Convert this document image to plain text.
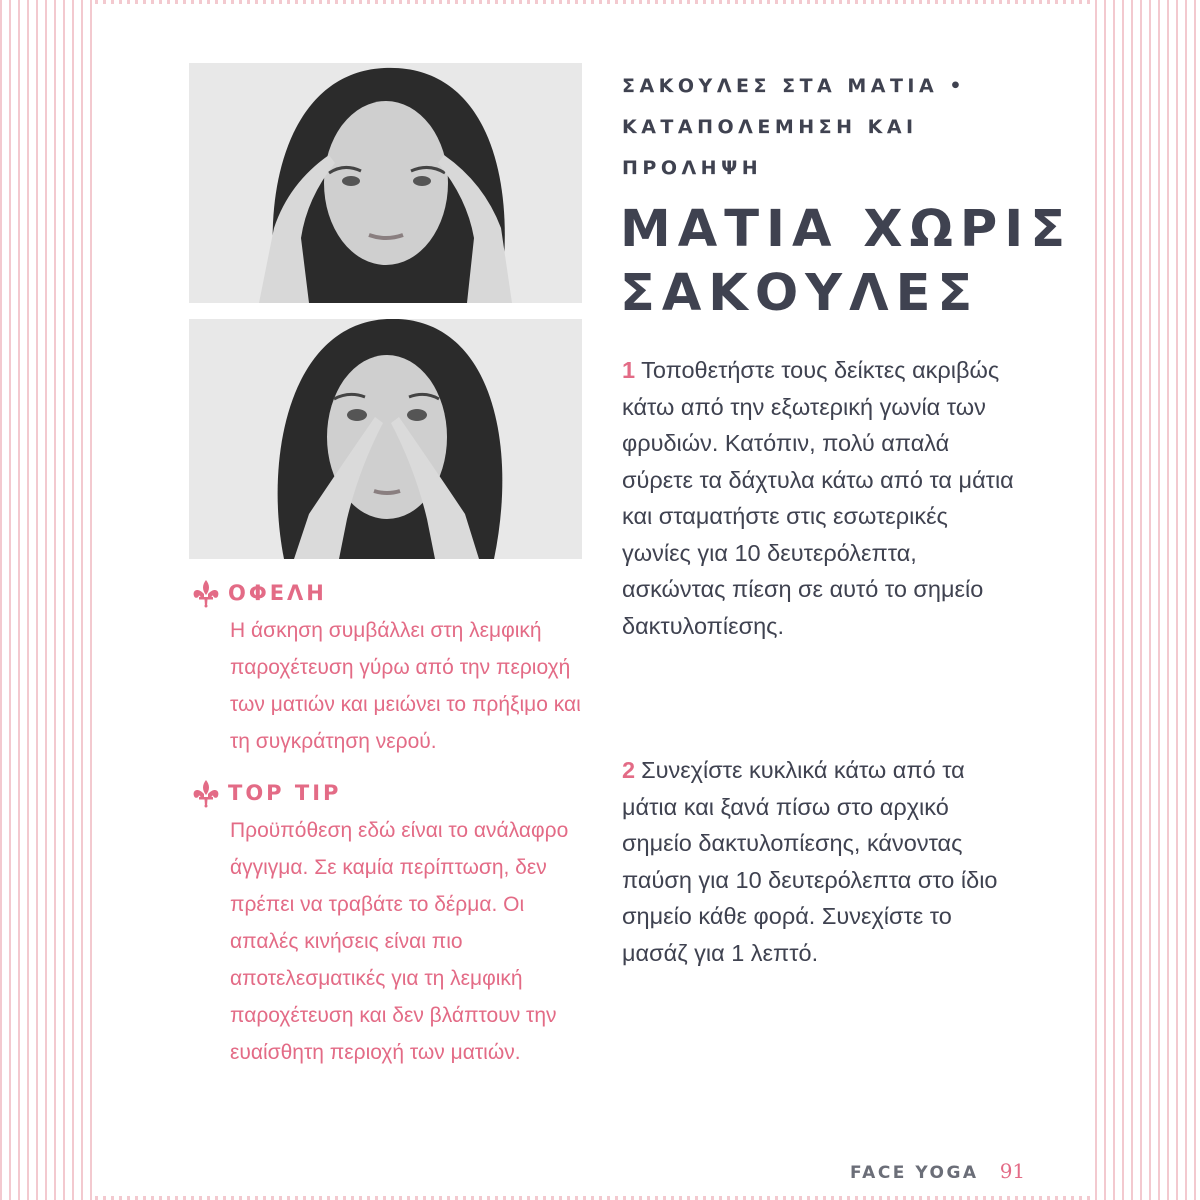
ΟΦΕΛΗ
Η άσκηση συμβάλλει στη λεμφική παροχέτευση γύρω από την περιοχή των ματιών και μειώνει το πρήξιμο και τη συγκράτηση νερού.
TOP TIP
Προϋπόθεση εδώ είναι το ανάλαφρο άγγιγμα. Σε καμία περίπτωση, δεν πρέπει να τραβάτε το δέρμα. Οι απαλές κινήσεις είναι πιο αποτελεσματικές για τη λεμφική παροχέτευση και δεν βλάπτουν την ευαίσθητη περιοχή των ματιών.
ΣΑΚΟΥΛΕΣ ΣΤΑ ΜΑΤΙΑ • ΚΑΤΑΠΟΛΕΜΗΣΗ ΚΑΙ ΠΡΟΛΗΨΗ
ΜΑΤΙΑ ΧΩΡΙΣ ΣΑΚΟΥΛΕΣ
1 Τοποθετήστε τους δείκτες ακριβώς κάτω από την εξωτερική γωνία των φρυδιών. Κατόπιν, πολύ απαλά σύρετε τα δάχτυλα κάτω από τα μάτια και σταματήστε στις εσωτερικές γωνίες για 10 δευτερόλεπτα, ασκώντας πίεση σε αυτό το σημείο δακτυλοπίεσης.
2 Συνεχίστε κυκλικά κάτω από τα μάτια και ξανά πίσω στο αρχικό σημείο δακτυλοπίεσης, κάνοντας παύση για 10 δευτερόλεπτα στο ίδιο σημείο κάθε φορά. Συνεχίστε το μασάζ για 1 λεπτό.
FACE YOGA 91
